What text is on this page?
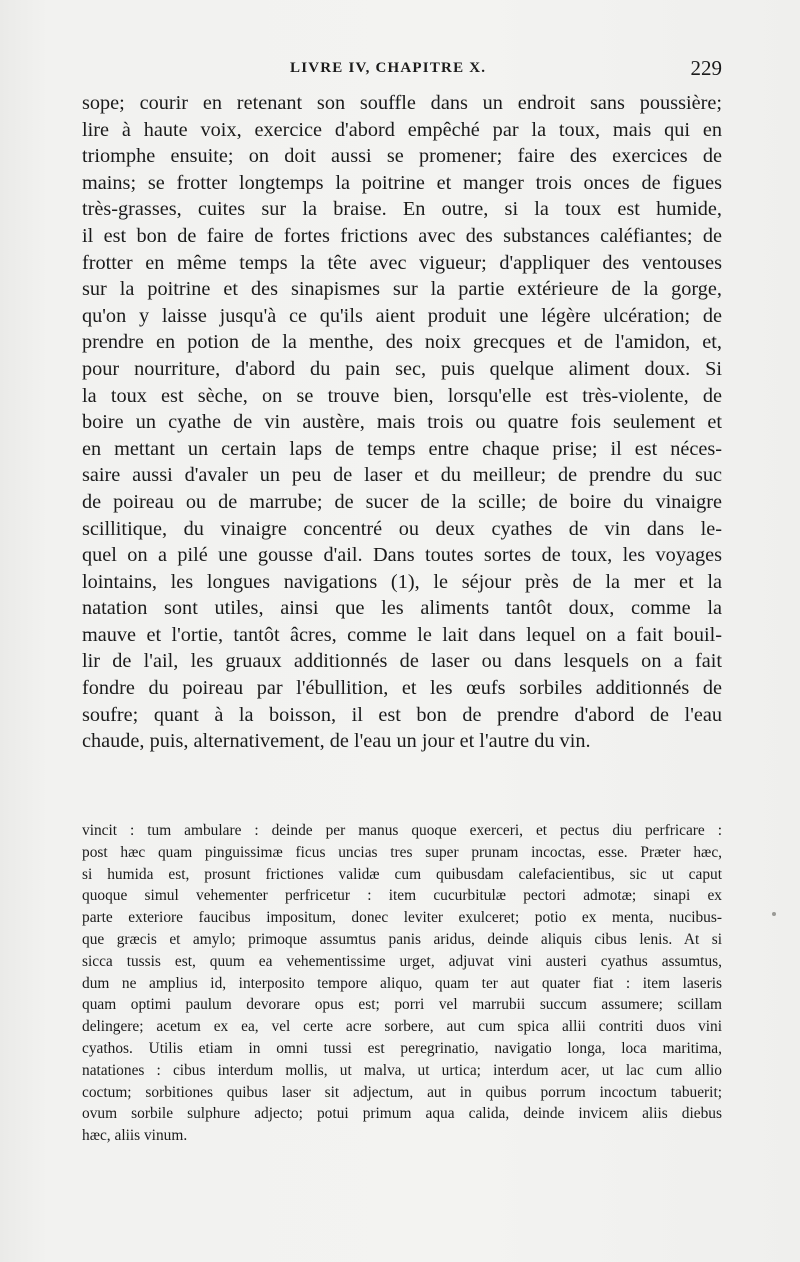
LIVRE IV, CHAPITRE X.	229
sope; courir en retenant son souffle dans un endroit sans poussière;
lire à haute voix, exercice d'abord empêché par la toux, mais qui en
triomphe ensuite; on doit aussi se promener; faire des exercices de
mains; se frotter longtemps la poitrine et manger trois onces de figues
très-grasses, cuites sur la braise. En outre, si la toux est humide,
il est bon de faire de fortes frictions avec des substances caléfiantes; de
frotter en même temps la tête avec vigueur; d'appliquer des ventouses
sur la poitrine et des sinapismes sur la partie extérieure de la gorge,
qu'on y laisse jusqu'à ce qu'ils aient produit une légère ulcération; de
prendre en potion de la menthe, des noix grecques et de l'amidon, et,
pour nourriture, d'abord du pain sec, puis quelque aliment doux. Si
la toux est sèche, on se trouve bien, lorsqu'elle est très-violente, de
boire un cyathe de vin austère, mais trois ou quatre fois seulement et
en mettant un certain laps de temps entre chaque prise; il est néces-
saire aussi d'avaler un peu de laser et du meilleur; de prendre du suc
de poireau ou de marrube; de sucer de la scille; de boire du vinaigre
scillitique, du vinaigre concentré ou deux cyathes de vin dans le-
quel on a pilé une gousse d'ail. Dans toutes sortes de toux, les voyages
lointains, les longues navigations (1), le séjour près de la mer et la
natation sont utiles, ainsi que les aliments tantôt doux, comme la
mauve et l'ortie, tantôt âcres, comme le lait dans lequel on a fait bouil-
lir de l'ail, les gruaux additionnés de laser ou dans lesquels on a fait
fondre du poireau par l'ébullition, et les œufs sorbiles additionnés de
soufre; quant à la boisson, il est bon de prendre d'abord de l'eau
chaude, puis, alternativement, de l'eau un jour et l'autre du vin.
vincit : tum ambulare : deinde per manus quoque exerceri, et pectus diu perfricare :
post hæc quam pinguissimæ ficus uncias tres super prunam incoctas, esse. Præter hæc,
si humida est, prosunt frictiones validæ cum quibusdam calefacientibus, sic ut caput
quoque simul vehementer perfricetur : item cucurbitulæ pectori admotæ; sinapi ex
parte exteriore faucibus impositum, donec leviter exulceret; potio ex menta, nucibus-
que græcis et amylo; primoque assumtus panis aridus, deinde aliquis cibus lenis. At si
sicca tussis est, quum ea vehementissime urget, adjuvat vini austeri cyathus assumtus,
dum ne amplius id, interposito tempore aliquo, quam ter aut quater fiat : item laseris
quam optimi paulum devorare opus est; porri vel marrubii succum assumere; scillam
delingere; acetum ex ea, vel certe acre sorbere, aut cum spica allii contriti duos vini
cyathos. Utilis etiam in omni tussi est peregrinatio, navigatio longa, loca maritima,
natationes : cibus interdum mollis, ut malva, ut urtica; interdum acer, ut lac cum allio
coctum; sorbitiones quibus laser sit adjectum, aut in quibus porrum incoctum tabuerit;
ovum sorbile sulphure adjecto; potui primum aqua calida, deinde invicem aliis diebus
hæc, aliis vinum.
